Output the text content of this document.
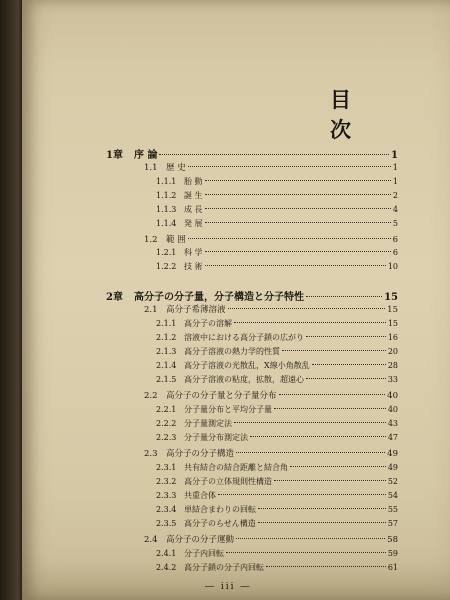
目　次
1章	序 論	1
1.1 歴 史	1
1.1.1 胎 動	1
1.1.2 誕 生	2
1.1.3 成 長	4
1.1.4 発 展	5
1.2 範 囲	6
1.2.1 科 学	6
1.2.2 技 術	10
2章	高分子の分子量，分子構造と分子特性	15
2.1 高分子希薄溶液	15
2.1.1 高分子の溶解	15
2.1.2 溶液中における高分子鎖の広がり	16
2.1.3 高分子溶液の熱力学的性質	20
2.1.4 高分子溶液の光散乱，X線小角散乱	28
2.1.5 高分子溶液の粘度，拡散，超遠心	33
2.2 高分子の分子量と分子量分布	40
2.2.1 分子量分布と平均分子量	40
2.2.2 分子量測定法	43
2.2.3 分子量分布測定法	47
2.3 高分子の分子構造	49
2.3.1 共有結合の結合距離と結合角	49
2.3.2 高分子の立体規則性構造	52
2.3.3 共重合体	54
2.3.4 単結合まわりの回転	55
2.3.5 高分子のらせん構造	57
2.4 高分子の分子運動	58
2.4.1 分子内回転	59
2.4.2 高分子鎖の分子内回転	61
― iii ―
